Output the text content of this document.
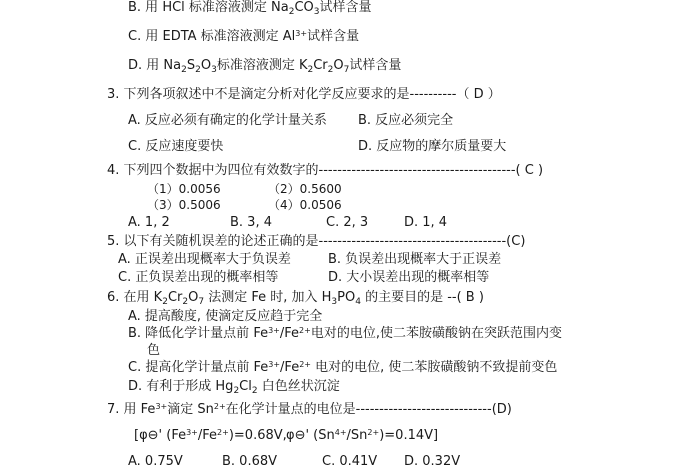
B. 用 HCl 标准溶液测定 $Na_2CO_3$试样含量
C. 用 EDTA 标准溶液测定 $Al^{3+}$试样含量
D. 用 $Na_2S_2O_3$标准溶液测定 $K_2Cr_2O_7$试样含量
3. 下列各项叙述中不是滴定分析对化学反应要求的是----------（ D ）
A. 反应必须有确定的化学计量关系 B. 反应必须完全
C. 反应速度要快	D. 反应物的摩尔质量要大
4. 下列四个数据中为四位有效数字的------------------------------------------( C )
（1）0.0056	（2）0.5600
（3）0.5006	（4）0.0506
A. 1, 2	B. 3, 4	C. 2, 3	D. 1, 4
5. 以下有关随机误差的论述正确的是----------------------------------------(C)
A. 正误差出现概率大于负误差	B. 负误差出现概率大于正误差
C. 正负误差出现的概率相等	D. 大小误差出现的概率相等
6. 在用 $K_2Cr_2O_7$ 法测定 Fe 时, 加入 $H_3PO_4$ 的主要目的是 --( B )
A. 提高酸度, 使滴定反应趋于完全
B. 降低化学计量点前 $Fe^{3+}/Fe^{2+}$电对的电位,使二苯胺磺酸钠在突跃范围内变
色
C. 提高化学计量点前 $Fe^{3+}/Fe^{2+}$ 电对的电位, 使二苯胺磺酸钠不致提前变色
D. 有利于形成 $Hg_2Cl_2$ 白色丝状沉淀
7. 用 $Fe^{3+}$滴定 $Sn^{2+}$在化学计量点的电位是-----------------------------(D)
[φ⊖' $(Fe^{3+}/Fe^{2+})=0.68V$, φ⊖' $(Sn^{4+}/Sn^{2+})=0.14V$]
A. 0.75V	B. 0.68V	C. 0.41V D. 0.32V
